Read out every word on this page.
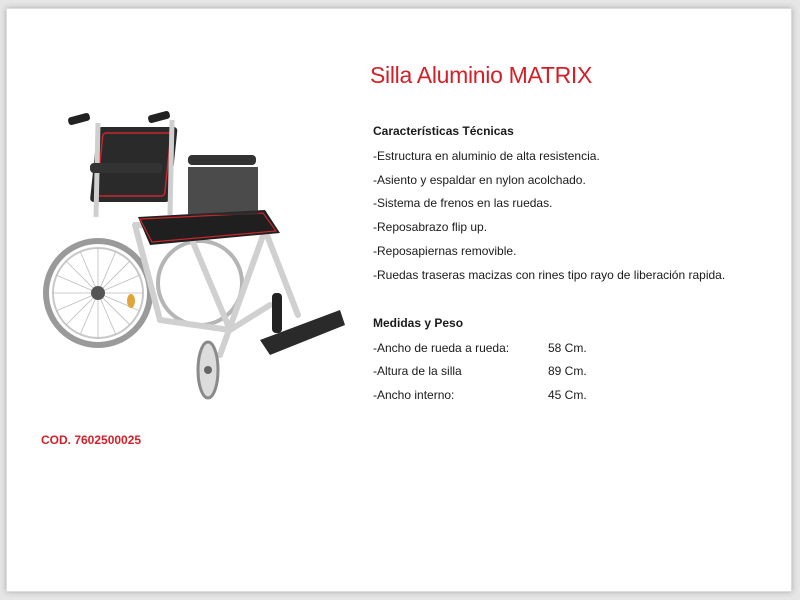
Silla Aluminio MATRIX
Características Técnicas
-Estructura en aluminio de alta resistencia.
-Asiento y espaldar en nylon acolchado.
-Sistema de frenos en las ruedas.
-Reposabrazo flip up.
-Reposapiernas removible.
-Ruedas traseras macizas con rines tipo rayo de liberación rapida.
Medidas y Peso
-Ancho de rueda a rueda:	58 Cm.
-Altura de la silla	89 Cm.
-Ancho interno:	45 Cm.
COD. 7602500025
